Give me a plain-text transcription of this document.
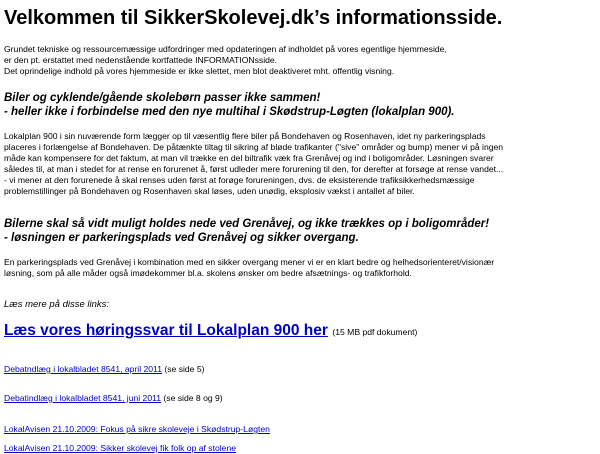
Velkommen til SikkerSkolevej.dk’s informationsside.

Grundet tekniske og ressourcemæssige udfordringer med opdateringen af indholdet på vores egentlige hjemmeside,

er den pt. erstattet med nedenstående kortfattede INFORMATIONsside.

Det oprindelige indhold på vores hjemmeside er ikke slettet, men blot deaktiveret mht. offentlig visning.

Biler og cyklende/gående skolebørn passer ikke sammen!
- heller ikke i forbindelse med den nye multihal i Skødstrup-Løgten (lokalplan 900).

Lokalplan 900 i sin nuværende form lægger op til væsentlig flere biler på Bondehaven og Rosenhaven, idet ny parkeringsplads

placeres i forlængelse af Bondehaven. De påtænkte tiltag til sikring af bløde trafikanter ("sive" områder og bump) mener vi på ingen

måde kan kompensere for det faktum, at man vil trække en del biltrafik væk fra Grenåvej og ind i boligområder. Løsningen svarer

således til, at man i stedet for at rense en forurenet å, først udleder mere forurening til den, for derefter at forsøge at rense vandet...

- vi mener at den forurenede å skal renses uden først at forøge forureningen, dvs. de eksisterende trafiksikkerhedsmæssige

problemstillinger på Bondehaven og Rosenhaven skal løses, uden unødig, eksplosiv vækst i antallet af biler.

Bilerne skal så vidt muligt holdes nede ved Grenåvej, og ikke trækkes op i boligområder!
- løsningen er parkeringsplads ved Grenåvej og sikker overgang.

En parkeringsplads ved Grenåvej i kombination med en sikker overgang mener vi er en klart bedre og helhedsorienteret/visionær

løsning, som på alle måder også imødekommer bl.a. skolens ønsker om bedre afsætnings- og trafikforhold.

Læs mere på disse links:
Læs vores høringssvar til Lokalplan 900 her (15 MB pdf dokument)
Debatndlæg i lokalbladet 8541, april 2011 (se side 5)
Debatindlæg i lokalbladet 8541, juni 2011 (se side 8 og 9)
LokalAvisen 21.10.2009: Fokus på sikre skoleveje i Skødstrup-Løgten
LokalAvisen 21.10.2009: Sikker skolevej fik folk op af stolene
